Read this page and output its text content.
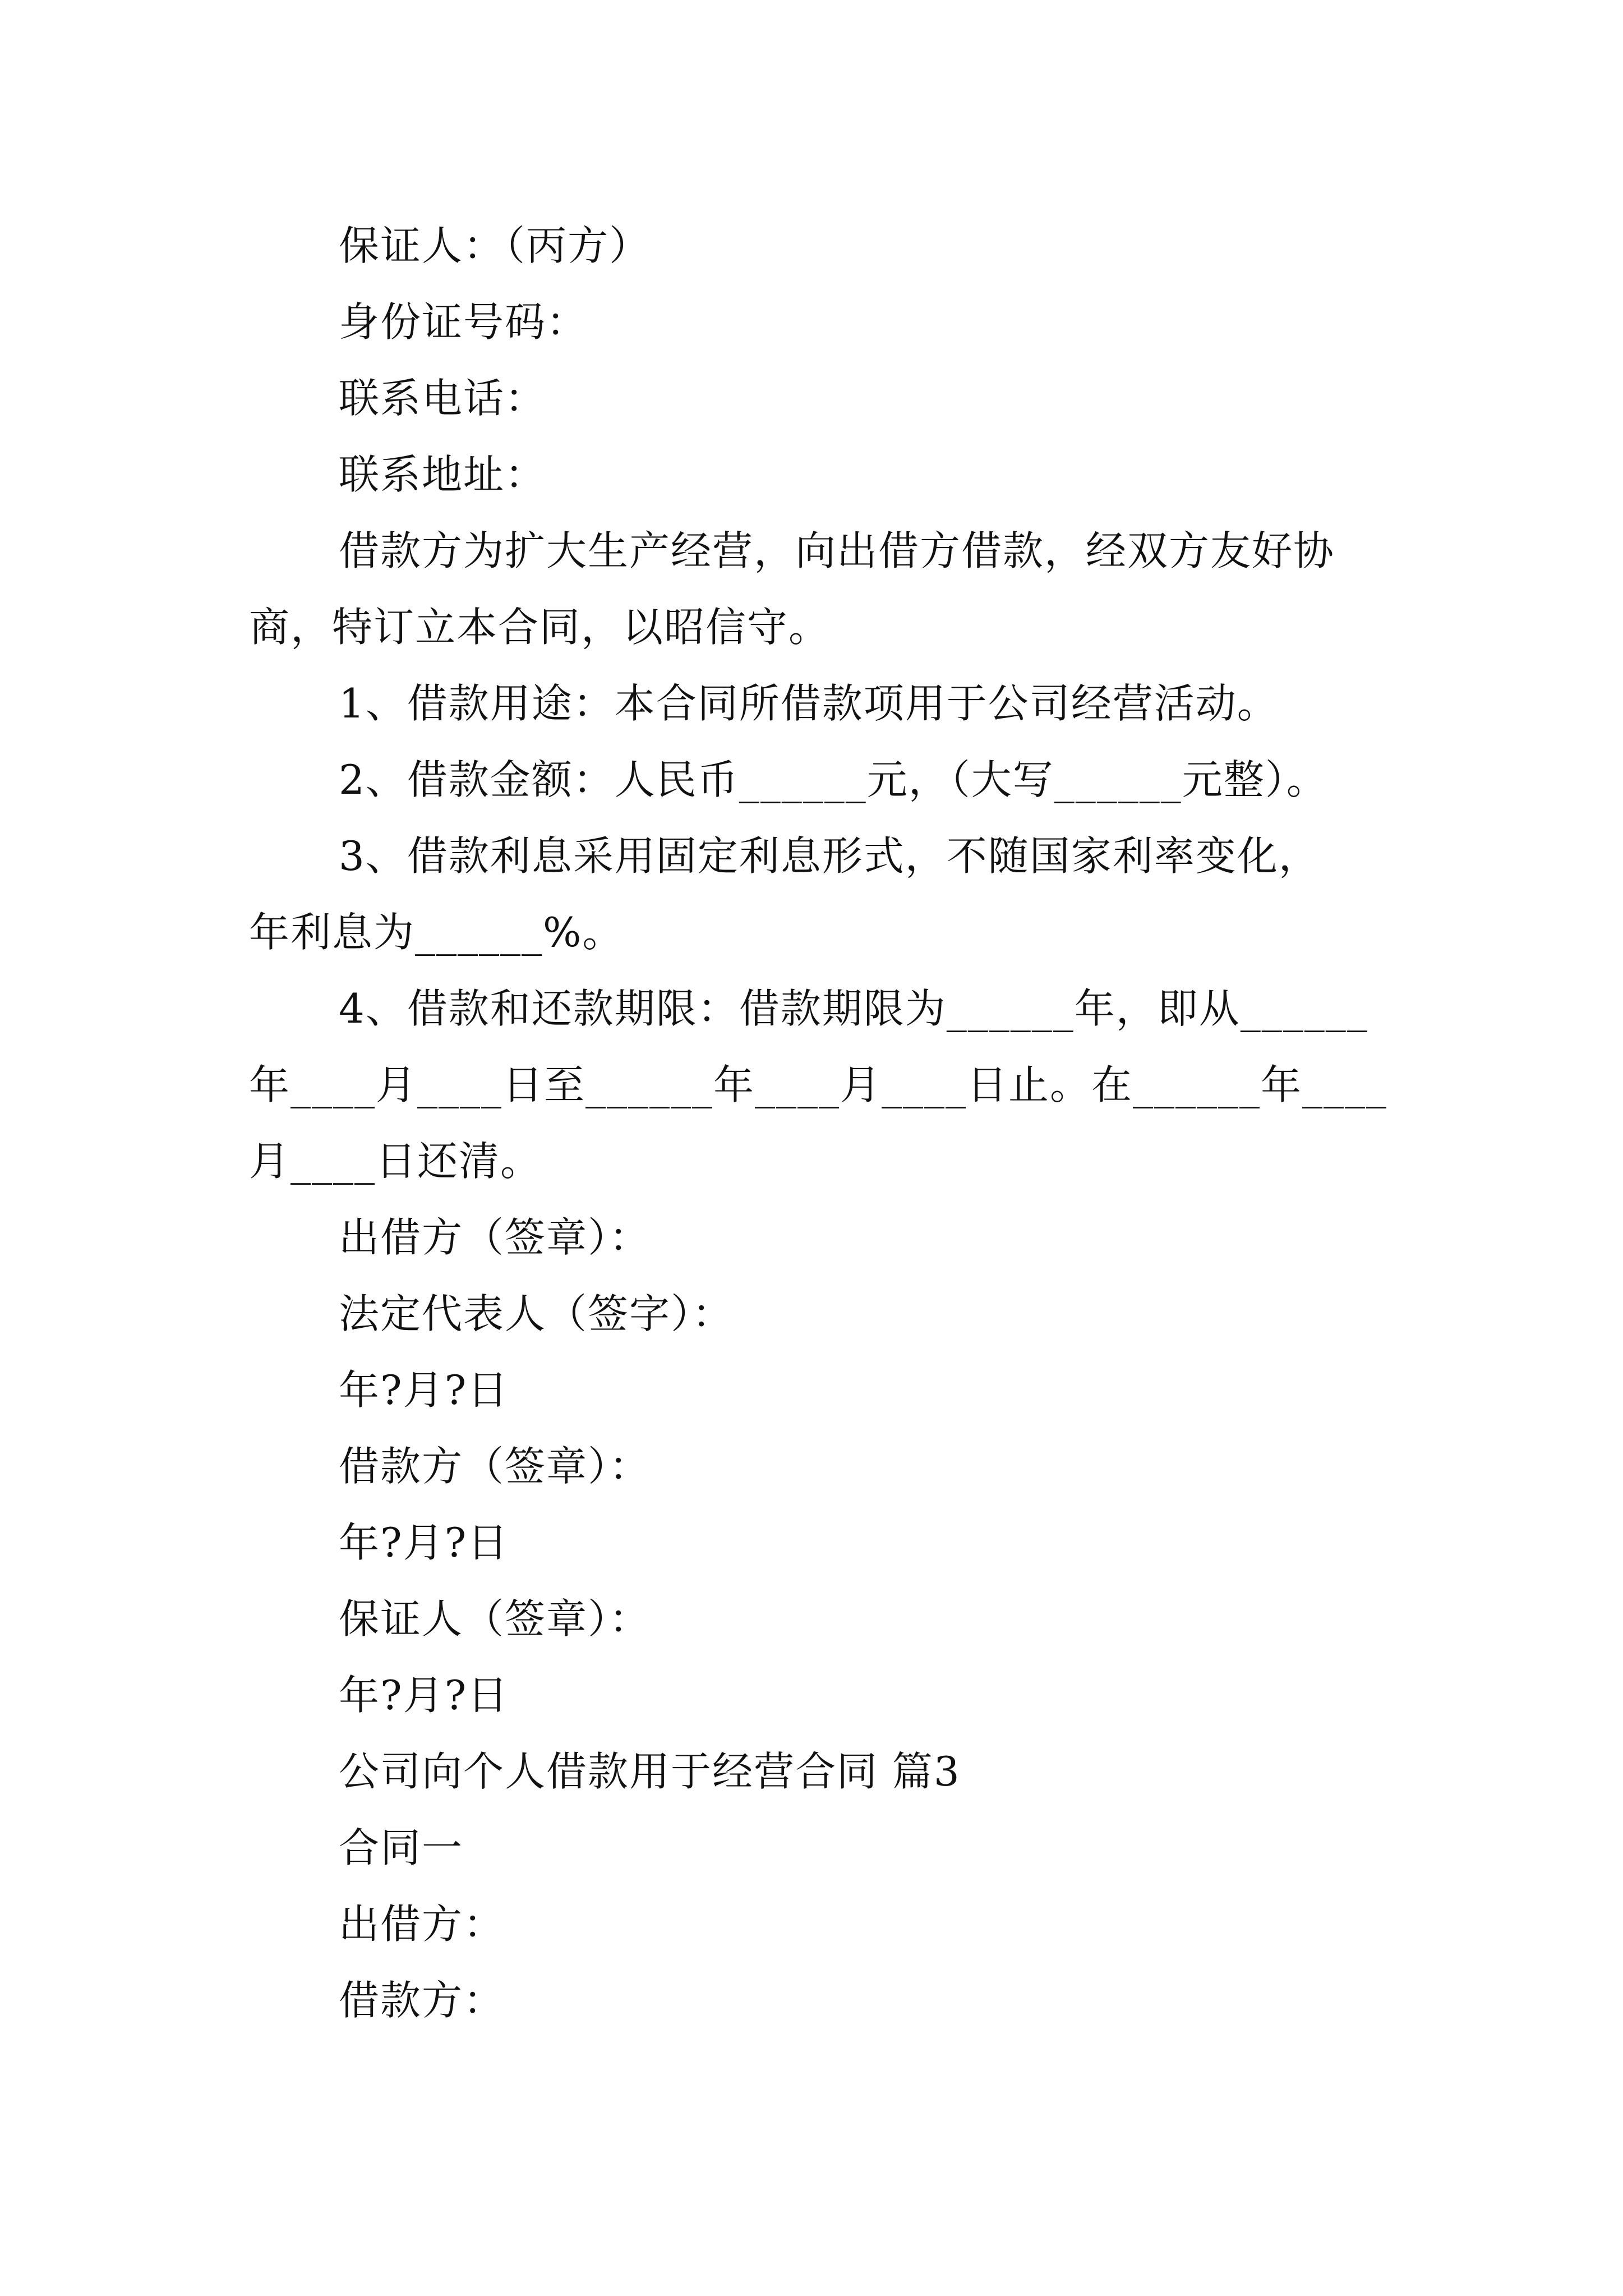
保证人：（丙方）

身份证号码：

联系电话：

联系地址：

借款方为扩大生产经营，向出借方借款，经双方友好协
商，特订立本合同，以昭信守。

1、借款用途：本合同所借款项用于公司经营活动。

2、借款金额：人民币______元，（大写______元整）。

3、借款利息采用固定利息形式，不随国家利率变化，
年利息为______%。

4、借款和还款期限：借款期限为______年，即从______
年____月____日至______年____月____日止。在______年____
月____日还清。

出借方（签章）：

法定代表人（签字）：

年?月?日

借款方（签章）：

年?月?日

保证人（签章）：

年?月?日

公司向个人借款用于经营合同 篇3

合同一

出借方：

借款方：
